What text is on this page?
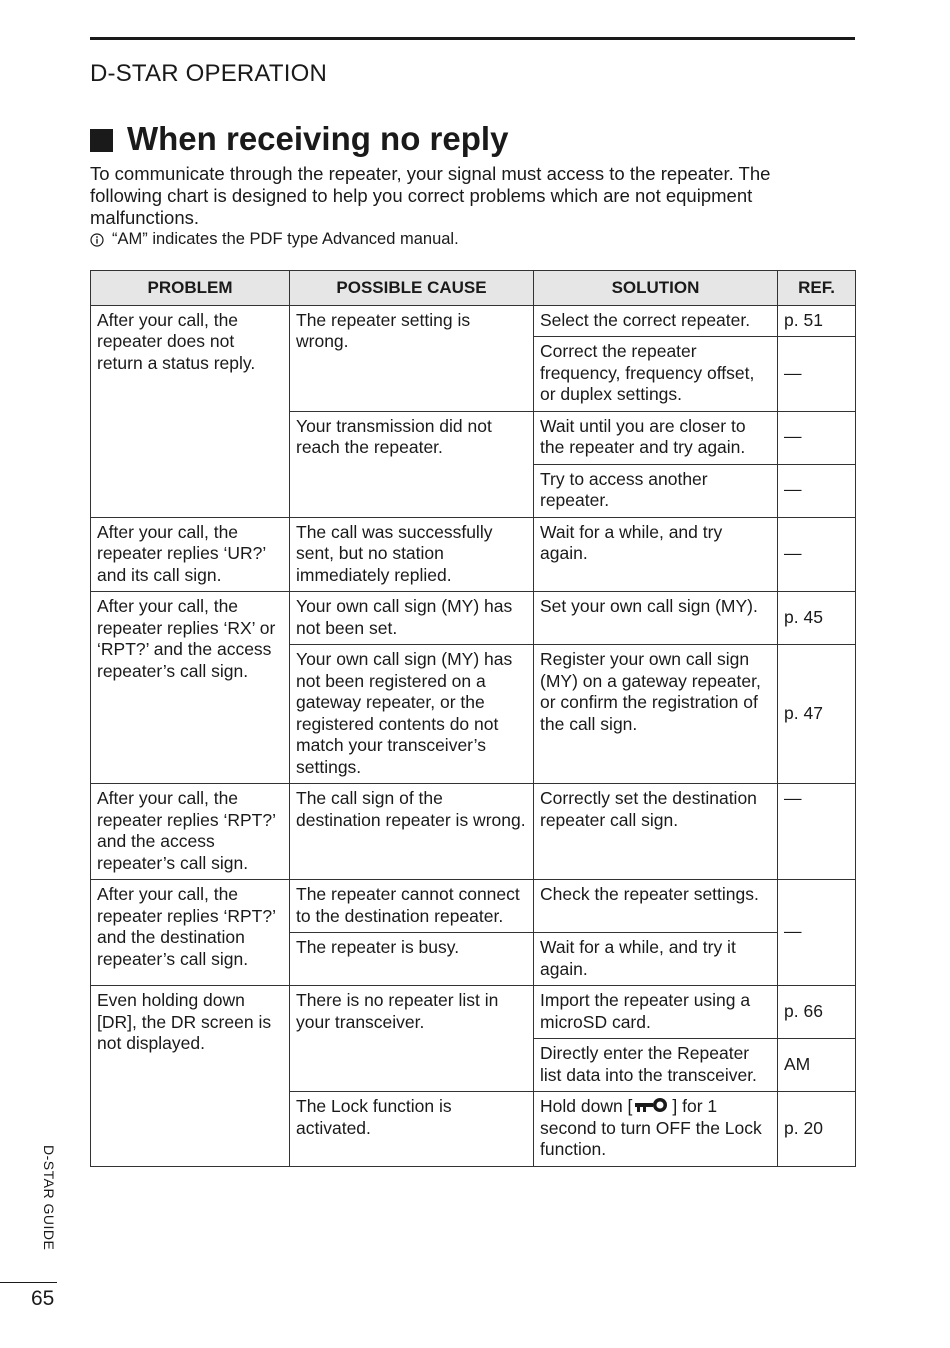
D-STAR OPERATION
When receiving no reply
To communicate through the repeater, your signal must access to the repeater. The following chart is designed to help you correct problems which are not equipment malfunctions.
“AM” indicates the PDF type Advanced manual.
PROBLEM	POSSIBLE CAUSE	SOLUTION	REF.
After your call, the repeater does not return a status reply.	The repeater setting is wrong.	Select the correct repeater.	p. 51
		Correct the repeater frequency, frequency offset, or duplex settings.	—
	Your transmission did not reach the repeater.	Wait until you are closer to the repeater and try again.	—
		Try to access another repeater.	—
After your call, the repeater replies ‘UR?’ and its call sign.	The call was successfully sent, but no station immediately replied.	Wait for a while, and try again.	—
After your call, the repeater replies ‘RX’ or ‘RPT?’ and the access repeater’s call sign.	Your own call sign (MY) has not been set.	Set your own call sign (MY).	p. 45
	Your own call sign (MY) has not been registered on a gateway repeater, or the registered contents do not match your transceiver’s settings.	Register your own call sign (MY) on a gateway repeater, or confirm the registration of the call sign.	p. 47
After your call, the repeater replies ‘RPT?’ and the access repeater’s call sign.	The call sign of the destination repeater is wrong.	Correctly set the destination repeater call sign.	—
After your call, the repeater replies ‘RPT?’ and the destination repeater’s call sign.	The repeater cannot connect to the destination repeater.	Check the repeater settings.	—
	The repeater is busy.	Wait for a while, and try it again.	
Even holding down [DR], the DR screen is not displayed.	There is no repeater list in your transceiver.	Import the repeater using a microSD card.	p. 66
		Directly enter the Repeater list data into the transceiver.	AM
	The Lock function is activated.	Hold down [ ] for 1 second to turn OFF the Lock function.	p. 20
D-STAR GUIDE
65
